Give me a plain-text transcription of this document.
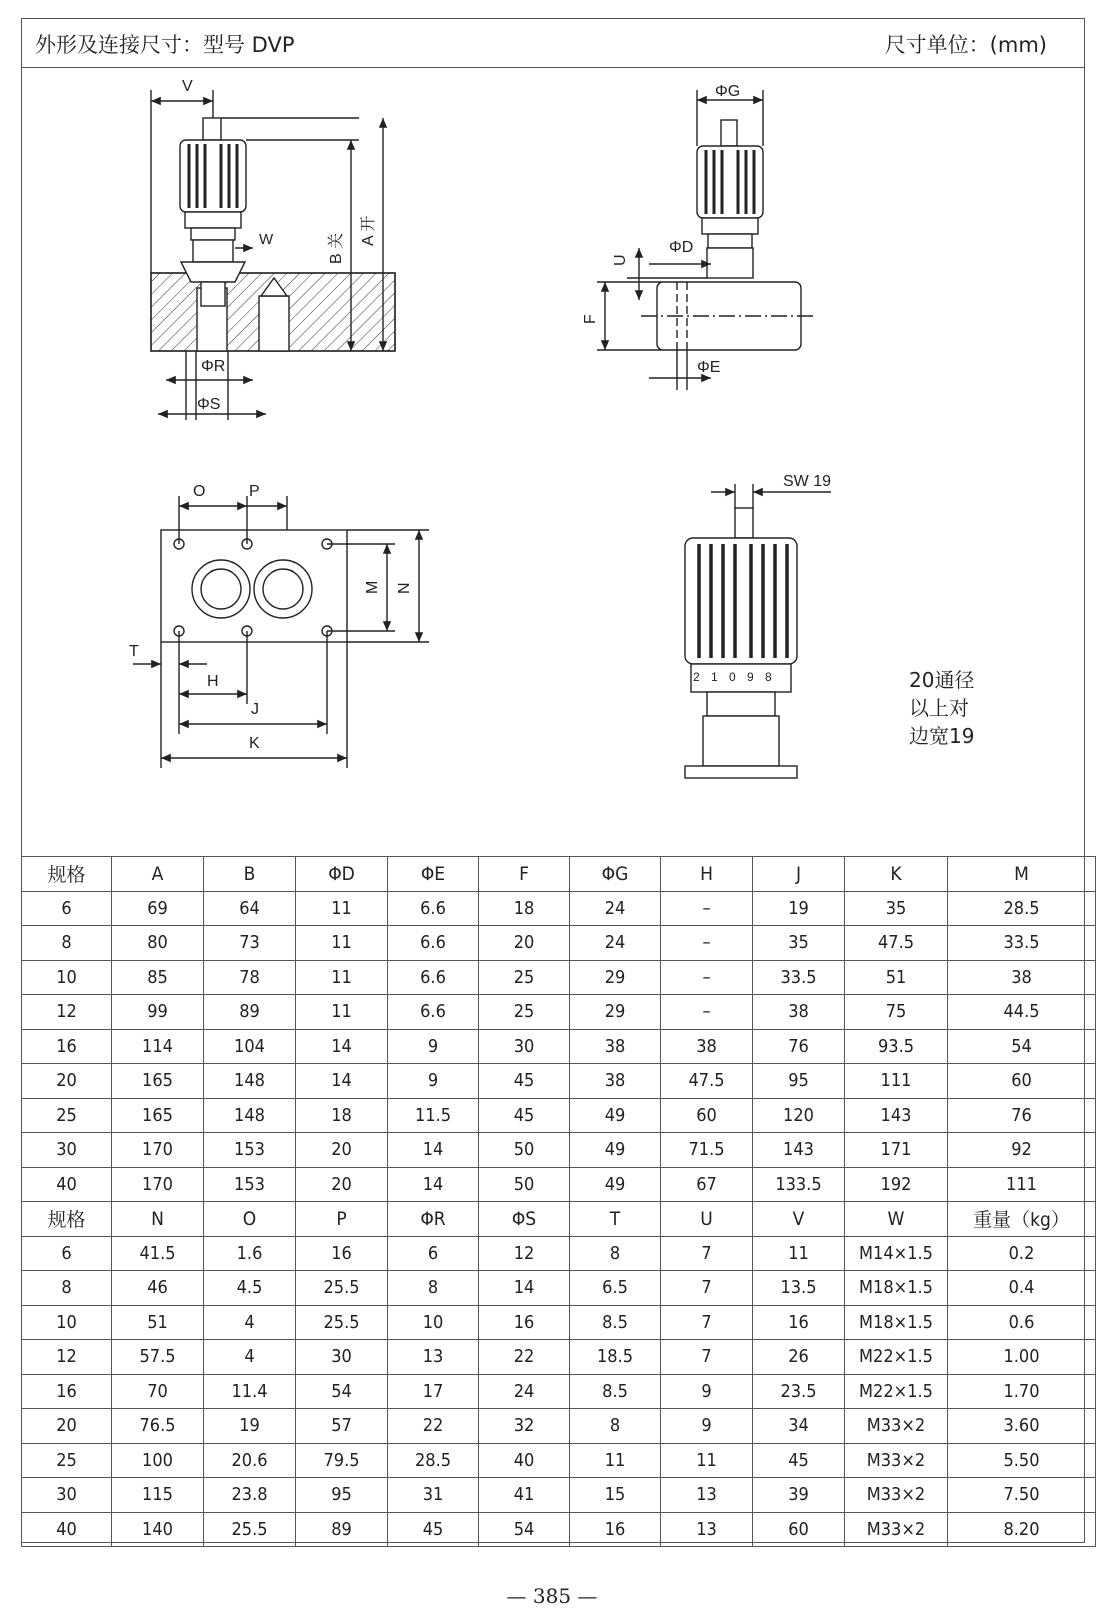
外形及连接尺寸：型号 DVP	尺寸单位：(mm)
V
A 开
B 关
W
ΦR
ΦS
ΦG
ΦD
U
F
ΦE
O	P
M N
T
H
J
K
SW 19
2 1 0 9 8	20通径
以上对
边宽19
规格	A	B	ΦD	ΦE	F	ΦG	H	J	K	M
6	69	64	11	6.6	18	24	–	19	35	28.5
8	80	73	11	6.6	20	24	–	35	47.5	33.5
10	85	78	11	6.6	25	29	–	33.5	51	38
12	99	89	11	6.6	25	29	–	38	75	44.5
16	114	104	14	9	30	38	38	76	93.5	54
20	165	148	14	9	45	38	47.5	95	111	60
25	165	148	18	11.5	45	49	60	120	143	76
30	170	153	20	14	50	49	71.5	143	171	92
40	170	153	20	14	50	49	67	133.5	192	111
规格	N	O	P	ΦR	ΦS	T	U	V	W	重量（kg）
6	41.5	1.6	16	6	12	8	7	11	M14×1.5	0.2
8	46	4.5	25.5	8	14	6.5	7	13.5	M18×1.5	0.4
10	51	4	25.5	10	16	8.5	7	16	M18×1.5	0.6
12	57.5	4	30	13	22	18.5	7	26	M22×1.5	1.00
16	70	11.4	54	17	24	8.5	9	23.5	M22×1.5	1.70
20	76.5	19	57	22	32	8	9	34	M33×2	3.60
25	100	20.6	79.5	28.5	40	11	11	45	M33×2	5.50
30	115	23.8	95	31	41	15	13	39	M33×2	7.50
40	140	25.5	89	45	54	16	13	60	M33×2	8.20
— 385 —
